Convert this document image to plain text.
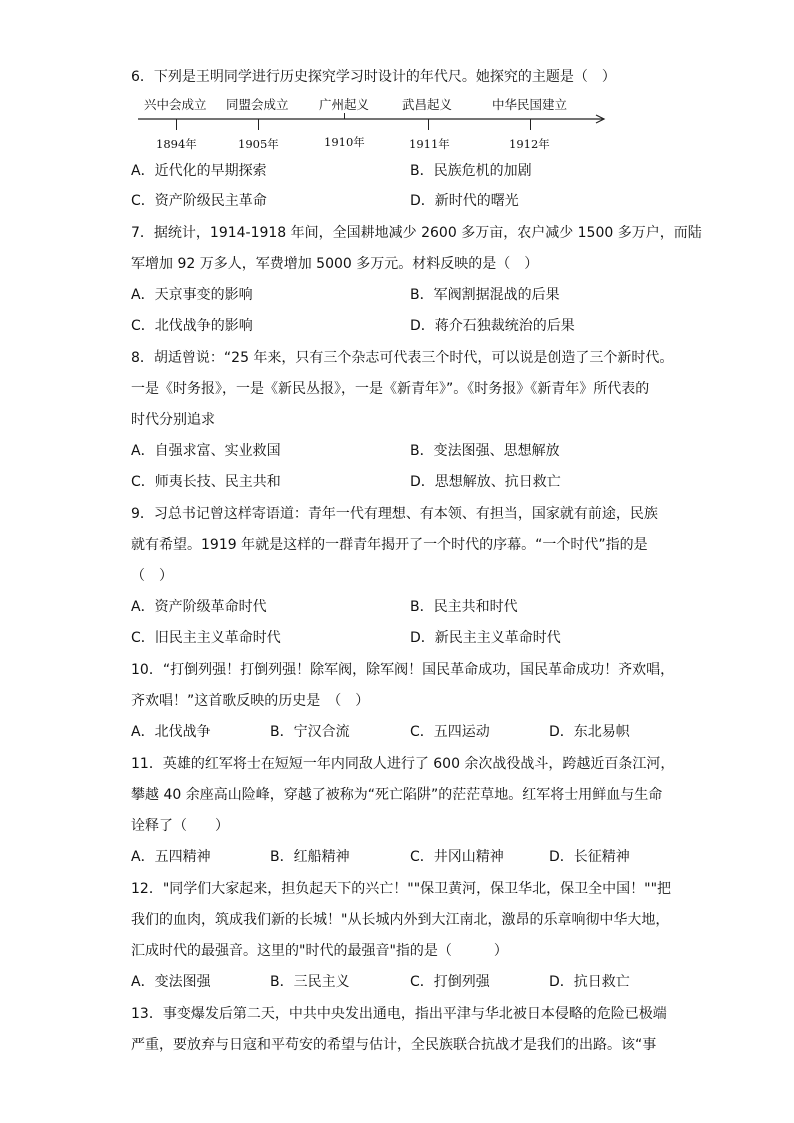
6．下列是王明同学进行历史探究学习时设计的年代尺。她探究的主题是（　）
兴中会成立 同盟会成立 广州起义	武昌起义	中华民国建立
1894年	1905年	1910年	1911年	1912年
A．近代化的早期探索	B．民族危机的加剧
C．资产阶级民主革命	D．新时代的曙光
7．据统计，1914-1918 年间，全国耕地减少 2600 多万亩，农户减少 1500 多万户，而陆
军增加 92 万多人，军费增加 5000 多万元。材料反映的是（　）
A．天京事变的影响	B．军阀割据混战的后果
C．北伐战争的影响	D．蒋介石独裁统治的后果
8．胡适曾说：“25 年来，只有三个杂志可代表三个时代，可以说是创造了三个新时代。
一是《时务报》，一是《新民丛报》，一是《新青年》”。《时务报》《新青年》所代表的
时代分别追求
A．自强求富、实业救国	B．变法图强、思想解放
C．师夷长技、民主共和	D．思想解放、抗日救亡
9．习总书记曾这样寄语道：青年一代有理想、有本领、有担当，国家就有前途，民族
就有希望。1919 年就是这样的一群青年揭开了一个时代的序幕。“一个时代”指的是
（　）
A．资产阶级革命时代	B．民主共和时代
C．旧民主主义革命时代	D．新民主主义革命时代
10．“打倒列强！打倒列强！除军阀，除军阀！国民革命成功，国民革命成功！齐欢唱，
齐欢唱！”这首歌反映的历史是　（　）
A．北伐战争	B．宁汉合流	C．五四运动	D．东北易帜
11．英雄的红军将士在短短一年内同敌人进行了 600 余次战役战斗，跨越近百条江河，
攀越 40 余座高山险峰，穿越了被称为“死亡陷阱”的茫茫草地。红军将士用鲜血与生命
诠释了（　　）
A．五四精神	B．红船精神	C．井冈山精神	D．长征精神
12．"同学们大家起来，担负起天下的兴亡！""保卫黄河，保卫华北，保卫全中国！""把
我们的血肉，筑成我们新的长城！"从长城内外到大江南北，激昂的乐章响彻中华大地，
汇成时代的最强音。这里的"时代的最强音"指的是（　　　）
A．变法图强	B．三民主义	C．打倒列强	D．抗日救亡
13．事变爆发后第二天，中共中央发出通电，指出平津与华北被日本侵略的危险已极端
严重，要放弃与日寇和平苟安的希望与估计，全民族联合抗战才是我们的出路。该“事
